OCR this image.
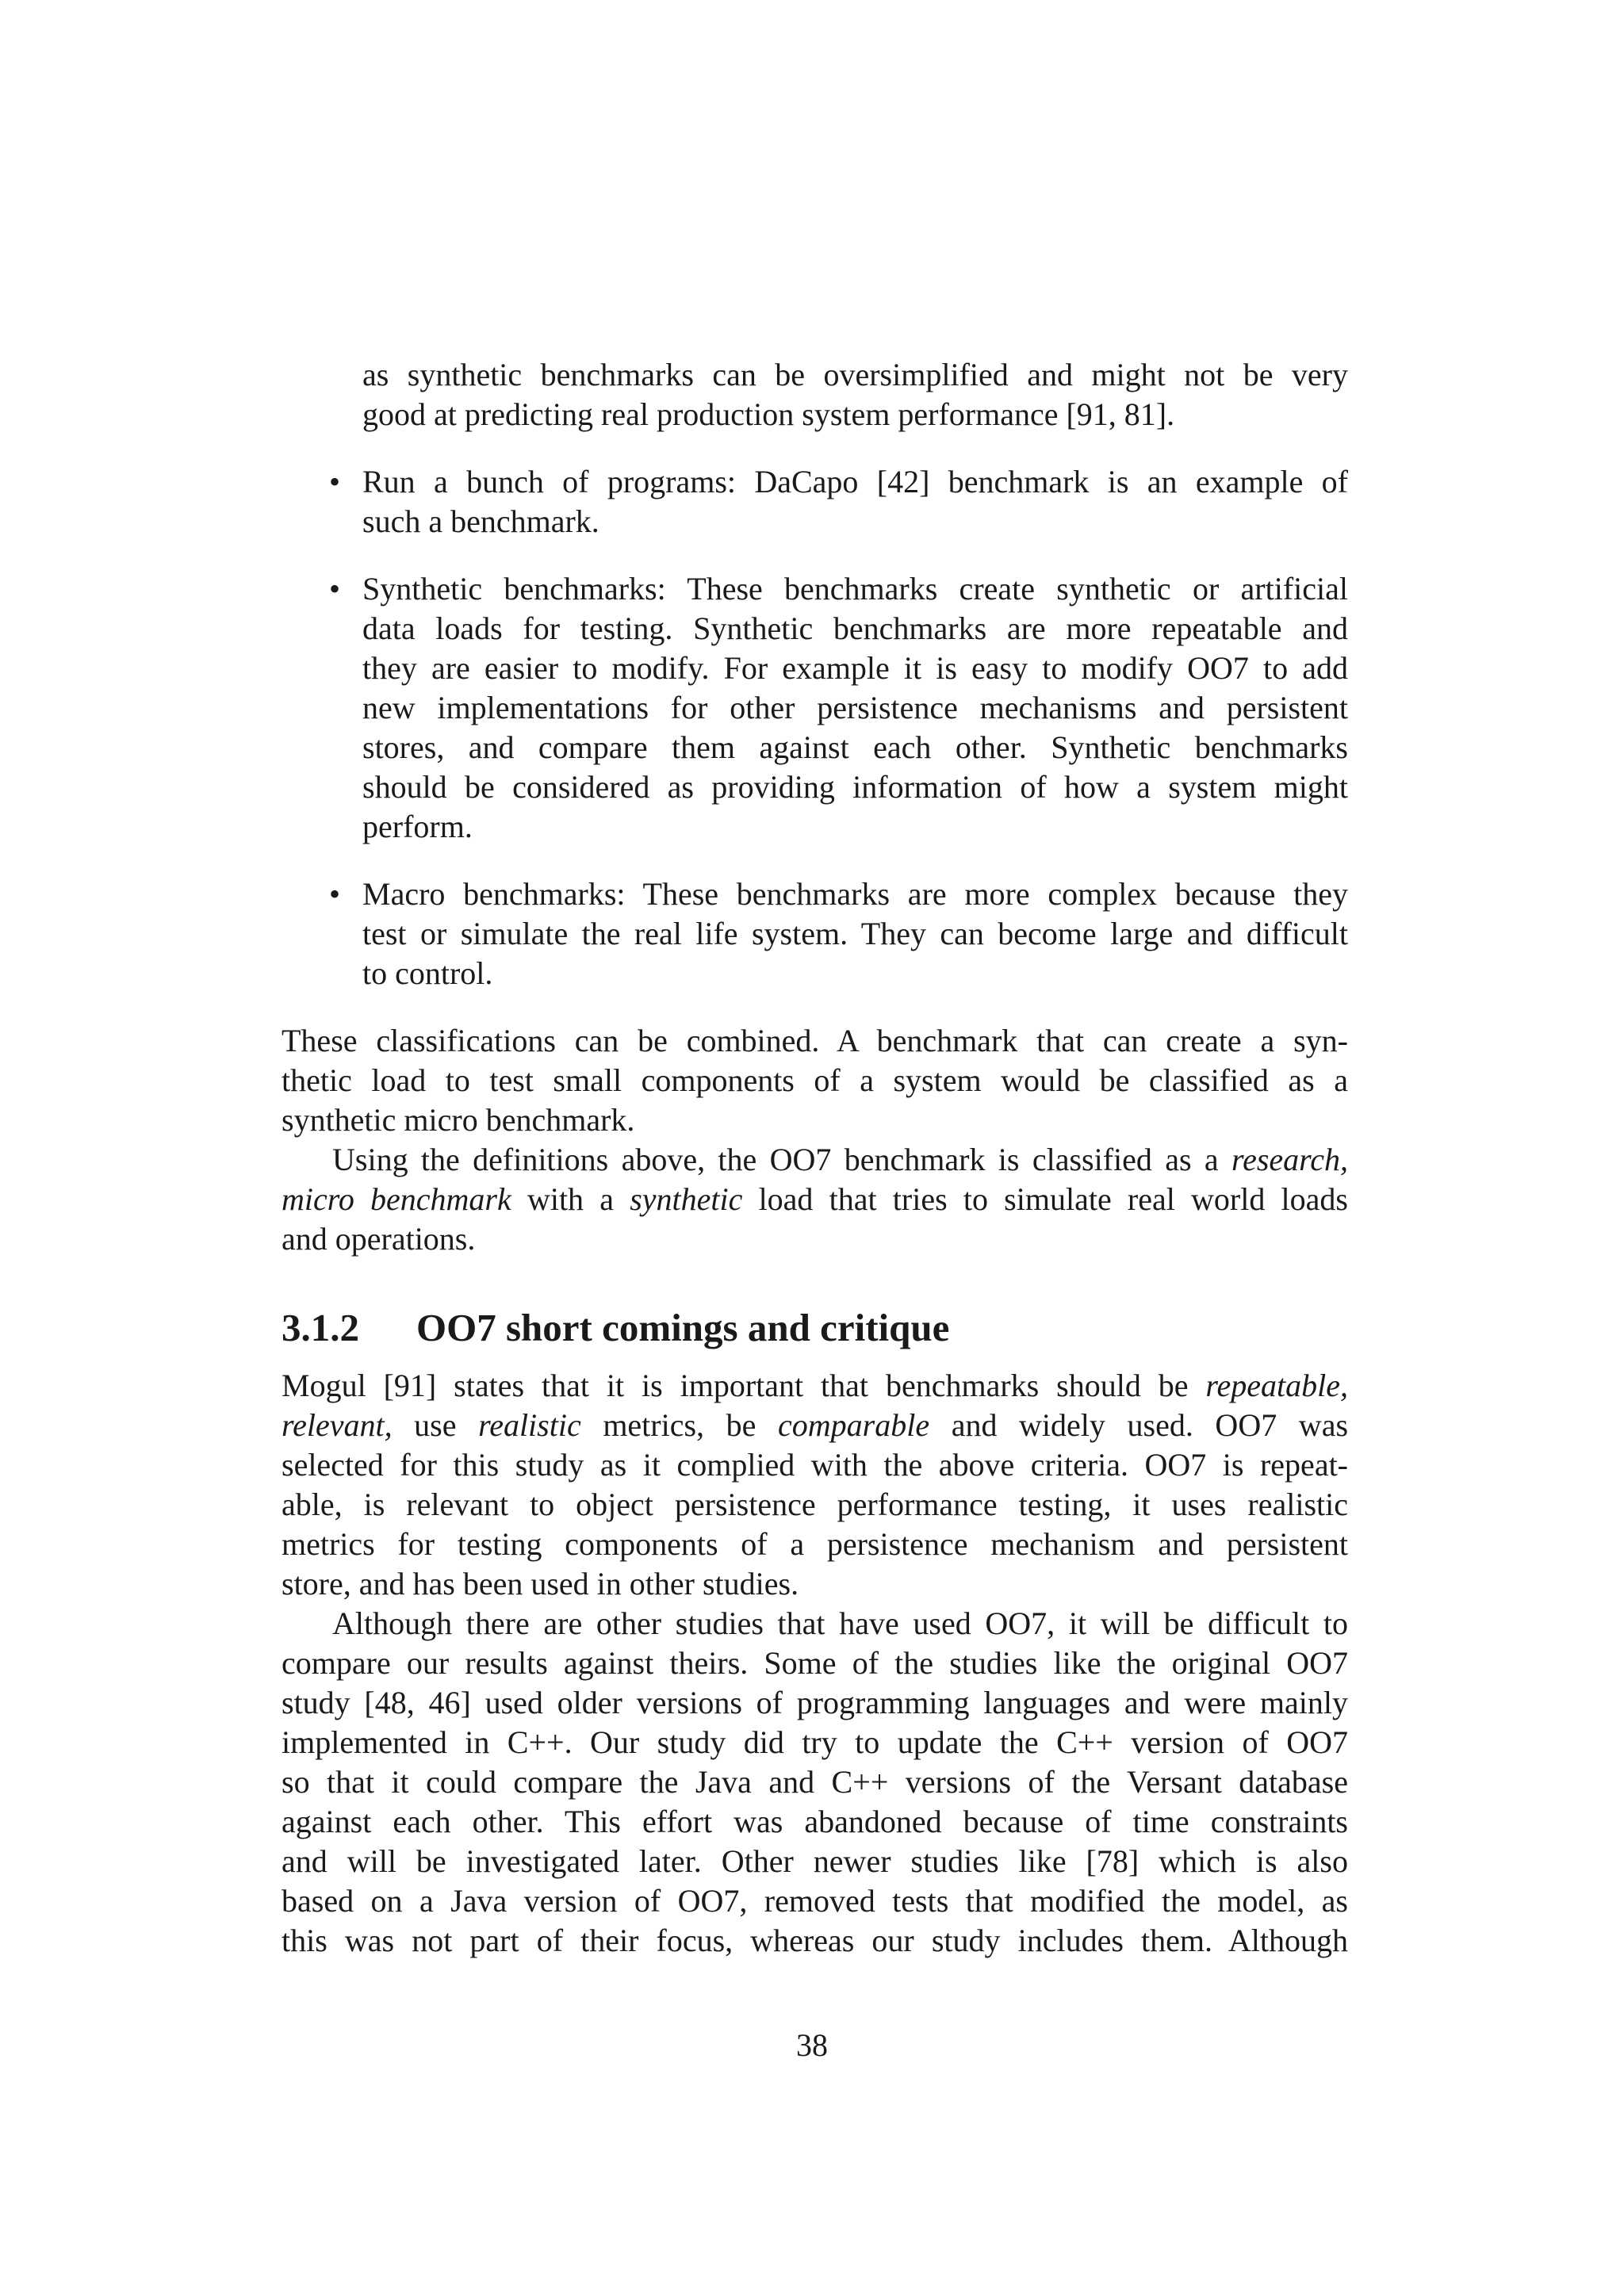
as synthetic benchmarks can be oversimplified and might not be very
good at predicting real production system performance [91, 81].
• Run a bunch of programs: DaCapo [42] benchmark is an example of
such a benchmark.
• Synthetic benchmarks: These benchmarks create synthetic or artificial
data loads for testing. Synthetic benchmarks are more repeatable and
they are easier to modify. For example it is easy to modify OO7 to add
new implementations for other persistence mechanisms and persistent
stores, and compare them against each other. Synthetic benchmarks
should be considered as providing information of how a system might
perform.
• Macro benchmarks: These benchmarks are more complex because they
test or simulate the real life system. They can become large and difficult
to control.
These classifications can be combined. A benchmark that can create a syn-
thetic load to test small components of a system would be classified as a
synthetic micro benchmark.
Using the definitions above, the OO7 benchmark is classified as a research,
micro benchmark with a synthetic load that tries to simulate real world loads
and operations.
3.1.2 OO7 short comings and critique
Mogul [91] states that it is important that benchmarks should be repeatable,
relevant, use realistic metrics, be comparable and widely used. OO7 was
selected for this study as it complied with the above criteria. OO7 is repeat-
able, is relevant to object persistence performance testing, it uses realistic
metrics for testing components of a persistence mechanism and persistent
store, and has been used in other studies.
Although there are other studies that have used OO7, it will be difficult to
compare our results against theirs. Some of the studies like the original OO7
study [48, 46] used older versions of programming languages and were mainly
implemented in C++. Our study did try to update the C++ version of OO7
so that it could compare the Java and C++ versions of the Versant database
against each other. This effort was abandoned because of time constraints
and will be investigated later. Other newer studies like [78] which is also
based on a Java version of OO7, removed tests that modified the model, as
this was not part of their focus, whereas our study includes them. Although
38
